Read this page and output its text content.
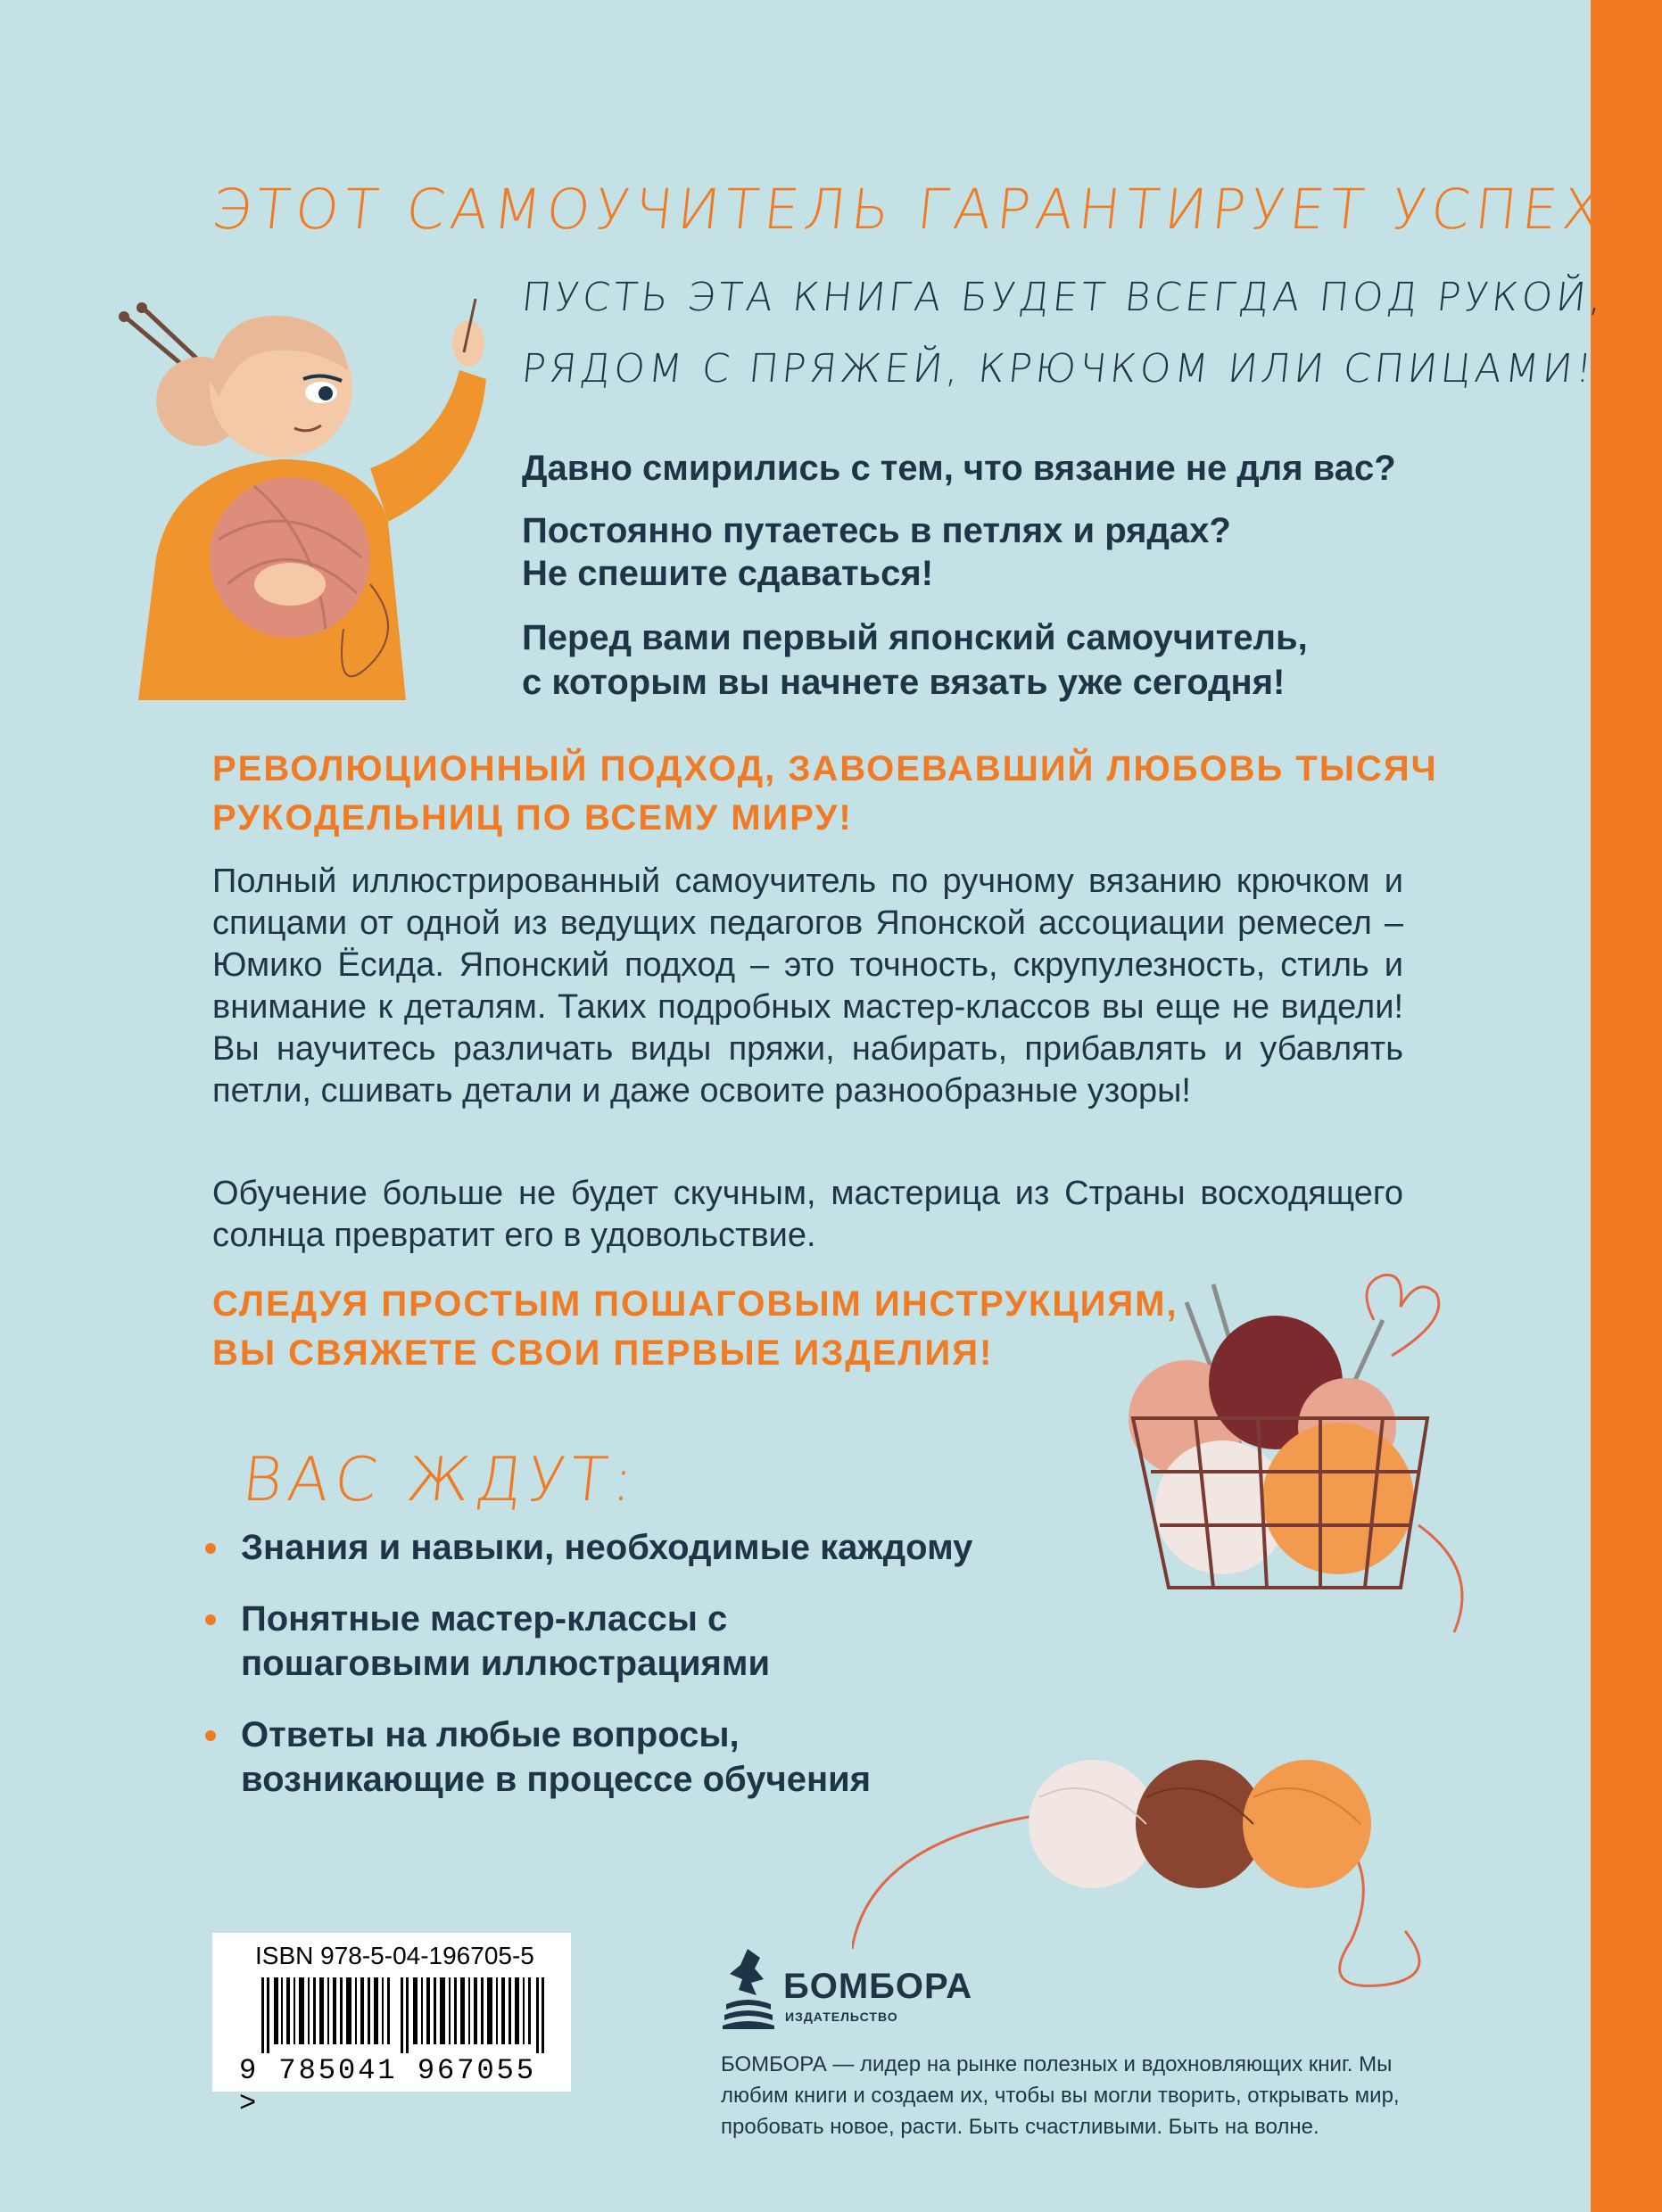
ЭТОТ САМОУЧИТЕЛЬ ГАРАНТИРУЕТ УСПЕХ!

ПУСТЬ ЭТА КНИГА БУДЕТ ВСЕГДА ПОД РУКОЙ,

РЯДОМ С ПРЯЖЕЙ, КРЮЧКОМ ИЛИ СПИЦАМИ!

Давно смирились с тем, что вязание не для вас?

Постоянно путаетесь в петлях и рядах?

Не спешите сдаваться!

Перед вами первый японский самоучитель,

с которым вы начнете вязать уже сегодня!

РЕВОЛЮЦИОННЫЙ ПОДХОД, ЗАВОЕВАВШИЙ ЛЮБОВЬ ТЫСЯЧ

РУКОДЕЛЬНИЦ ПО ВСЕМУ МИРУ!

Полный иллюстрированный самоучитель по ручному вязанию крючком и спицами от одной из ведущих педагогов Японской ассоциации ремесел – Юмико Ёсида. Японский подход – это точность, скрупулезность, стиль и внимание к деталям. Таких подробных мастер-классов вы еще не видели! Вы научитесь различать виды пряжи, набирать, прибавлять и убавлять петли, сшивать детали и даже освоите разнообразные узоры!

Обучение больше не будет скучным, мастерица из Страны восходящего солнца превратит его в удовольствие.

СЛЕДУЯ ПРОСТЫМ ПОШАГОВЫМ ИНСТРУКЦИЯМ,

ВЫ СВЯЖЕТЕ СВОИ ПЕРВЫЕ ИЗДЕЛИЯ!

ВАС ЖДУТ:
Знания и навыки, необходимые каждому
Понятные мастер-классы с пошаговыми иллюстрациями
Ответы на любые вопросы, возникающие в процессе обучения
ISBN 978-5-04-196705-5
9 785041 967055 >
БОМБОРА
ИЗДАТЕЛЬСТВО

БОМБОРА — лидер на рынке полезных и вдохновляющих книг. Мы любим книги и создаем их, чтобы вы могли творить, открывать мир, пробовать новое, расти. Быть счастливыми. Быть на волне.
